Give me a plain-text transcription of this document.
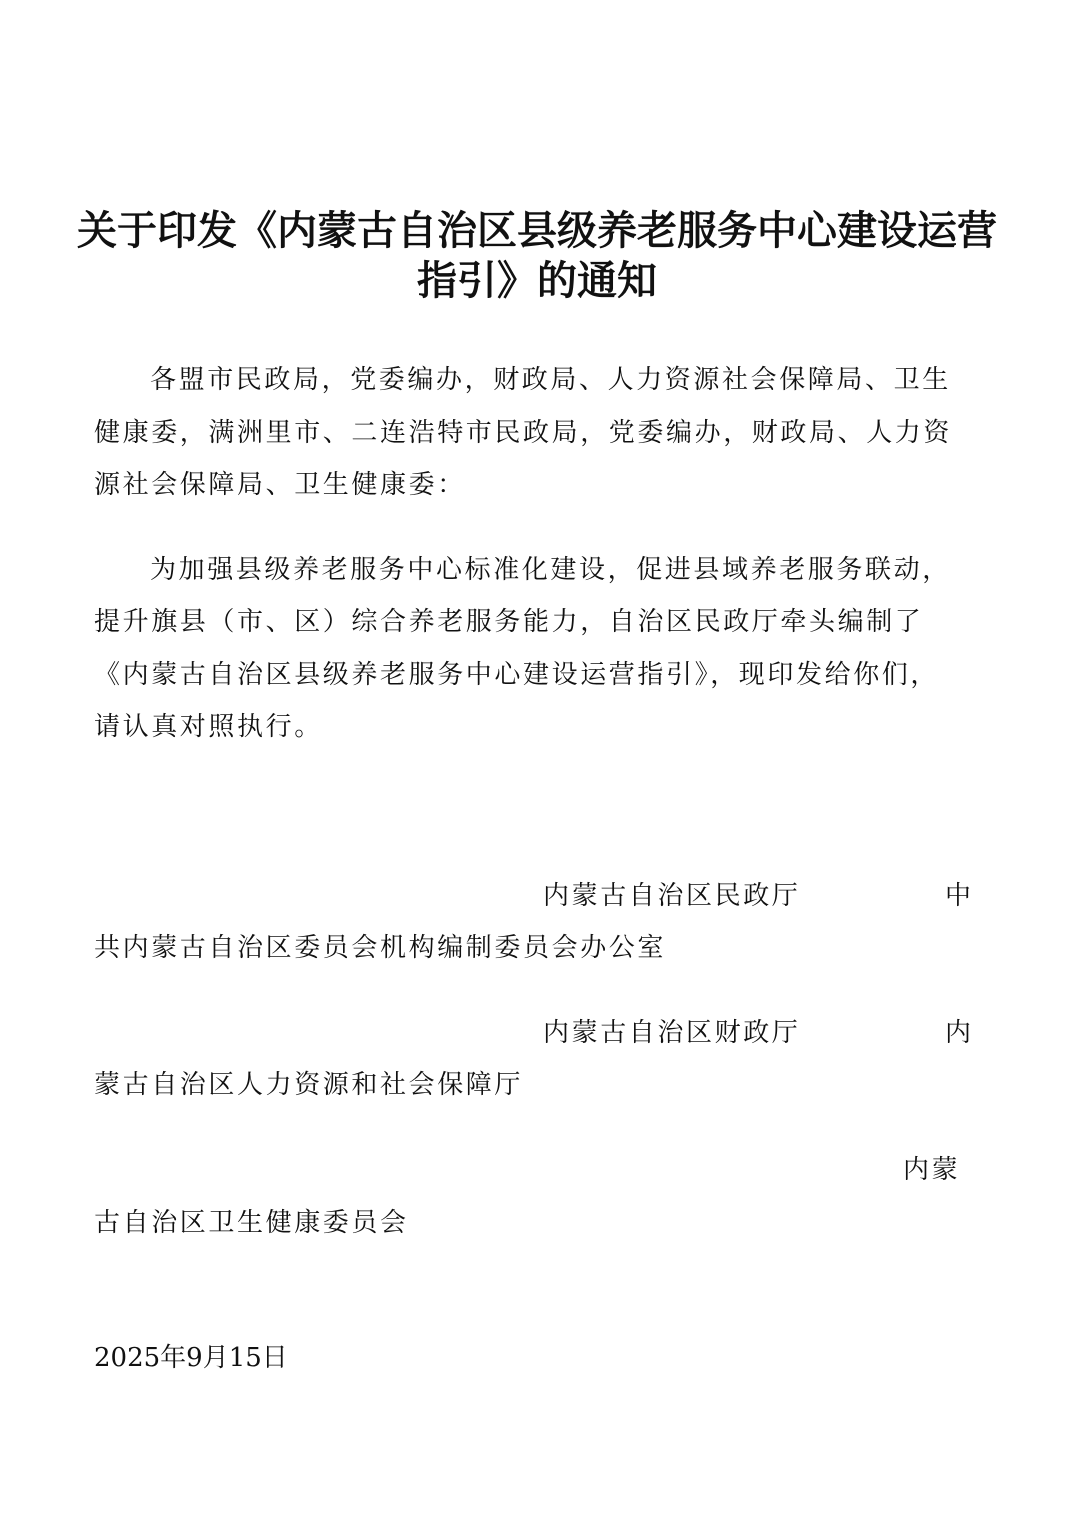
关于印发《内蒙古自治区县级养老服务中心建设运营
指引》的通知
各盟市民政局，党委编办，财政局、人力资源社会保障局、卫生
健康委，满洲里市、二连浩特市民政局，党委编办，财政局、人力资
源社会保障局、卫生健康委：
为加强县级养老服务中心标准化建设，促进县域养老服务联动，
提升旗县（市、区）综合养老服务能力，自治区民政厅牵头编制了
《内蒙古自治区县级养老服务中心建设运营指引》，现印发给你们，
请认真对照执行。
内蒙古自治区民政厅	中
共内蒙古自治区委员会机构编制委员会办公室
内蒙古自治区财政厅	内
蒙古自治区人力资源和社会保障厅
内蒙
古自治区卫生健康委员会
2025年9月15日
